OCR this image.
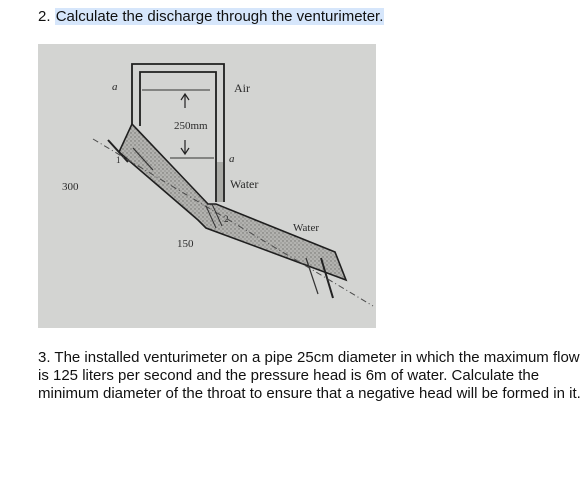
2. Calculate the discharge through the venturimeter.
a	Air
250mm
a
Water
300
150
Water
1
2

3. The installed venturimeter on a pipe 25cm diameter in which the maximum flow is 125 liters per second and the pressure head is 6m of water. Calculate the minimum diameter of the throat to ensure that a negative head will be formed in it.
